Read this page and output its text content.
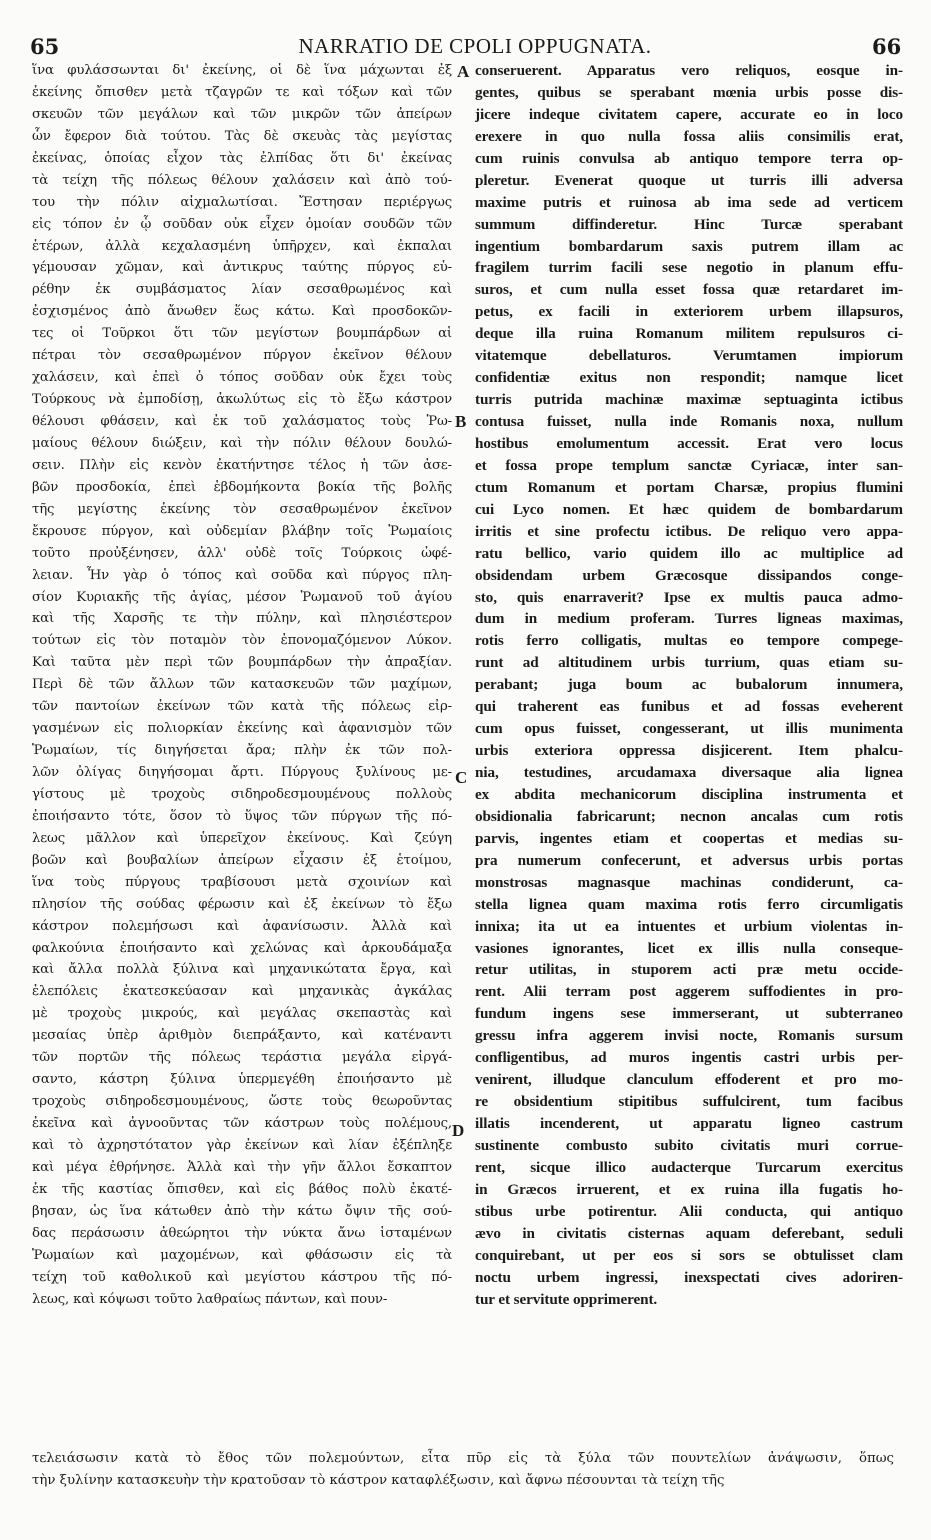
65	NARRATIO DE CPOLI OPPUGNATA.	66
ἵνα φυλάσσωνται δι' ἐκείνης, οἱ δὲ ἵνα μάχωνται ἐξ
ἐκείνης ὄπισθεν μετὰ τζαγρῶν τε καὶ τόξων καὶ τῶν
σκευῶν τῶν μεγάλων καὶ τῶν μικρῶν τῶν ἀπείρων
ὧν ἔφερον διὰ τούτου. Τὰς δὲ σκευὰς τὰς μεγίστας
ἐκείνας, ὁποίας εἶχον τὰς ἐλπίδας ὅτι δι' ἐκείνας
τὰ τείχη τῆς πόλεως θέλουν χαλάσειν καὶ ἀπὸ τού-
του τὴν πόλιν αἰχμαλωτίσαι. Ἔστησαν περιέργως
εἰς τόπον ἐν ᾧ σοῦδαν οὐκ εἶχεν ὁμοίαν σουδῶν τῶν
ἑτέρων, ἀλλὰ κεχαλασμένη ὑπῆρχεν, καὶ ἐκπαλαι
γέμουσαν χῶμαν, καὶ ἀντικρυς ταύτης πύργος εὑ-
ρέθην ἐκ συμβάσματος λίαν σεσαθρωμένος καὶ
ἐσχισμένος ἀπὸ ἄνωθεν ἕως κάτω. Καὶ προσδοκῶν-
τες οἱ Τοῦρκοι ὅτι τῶν μεγίστων βουμπάρδων αἱ
πέτραι τὸν σεσαθρωμένον πύργον ἐκεῖνον θέλουν
χαλάσειν, καὶ ἐπεὶ ὁ τόπος σοῦδαν οὐκ ἔχει τοὺς
Τούρκους νὰ ἐμποδίσῃ, ἀκωλύτως εἰς τὸ ἔξω κάστρον
θέλουσι φθάσειν, καὶ ἐκ τοῦ χαλάσματος τοὺς Ῥω-
μαίους θέλουν διώξειν, καὶ τὴν πόλιν θέλουν δουλώ-
σειν. Πλὴν εἰς κενὸν ἐκατήντησε τέλος ἡ τῶν ἀσε-
βῶν προσδοκία, ἐπεὶ ἑβδομήκοντα βοκία τῆς βολῆς
τῆς μεγίστης ἐκείνης τὸν σεσαθρωμένον ἐκεῖνον
ἔκρουσε πύργον, καὶ οὐδεμίαν βλάβην τοῖς Ῥωμαίοις
τοῦτο προὐξένησεν, ἀλλ' οὐδὲ τοῖς Τούρκοις ὠφέ-
λειαν. Ἦν γὰρ ὁ τόπος καὶ σοῦδα καὶ πύργος πλη-
σίον Κυριακῆς τῆς ἁγίας, μέσον Ῥωμανοῦ τοῦ ἁγίου
καὶ τῆς Χαρσῆς τε τὴν πύλην, καὶ πλησιέστερον
τούτων εἰς τὸν ποταμὸν τὸν ἐπονομαζόμενον Λύκον.
Καὶ ταῦτα μὲν περὶ τῶν βουμπάρδων τὴν ἀπραξίαν.
Περὶ δὲ τῶν ἄλλων τῶν κατασκευῶν τῶν μαχίμων,
τῶν παντοίων ἐκείνων τῶν κατὰ τῆς πόλεως εἰρ-
γασμένων εἰς πολιορκίαν ἐκείνης καὶ ἀφανισμὸν τῶν
Ῥωμαίων, τίς διηγήσεται ἄρα; πλὴν ἐκ τῶν πολ-
λῶν ὀλίγας διηγήσομαι ἄρτι. Πύργους ξυλίνους με-
γίστους μὲ τροχοὺς σιδηροδεσμουμένους πολλοὺς
ἐποιήσαντο τότε, ὅσον τὸ ὕψος τῶν πύργων τῆς πό-
λεως μᾶλλον καὶ ὑπερεῖχον ἐκείνους. Καὶ ζεύγη
βοῶν καὶ βουβαλίων ἀπείρων εἶχασιν ἐξ ἑτοίμου,
ἵνα τοὺς πύργους τραβίσουσι μετὰ σχοινίων καὶ
πλησίον τῆς σούδας φέρωσιν καὶ ἐξ ἐκείνων τὸ ἔξω
κάστρον πολεμήσωσι καὶ ἀφανίσωσιν. Ἀλλὰ καὶ
φαλκούνια ἐποιήσαντο καὶ χελώνας καὶ ἀρκουδάμαξα
καὶ ἄλλα πολλὰ ξύλινα καὶ μηχανικώτατα ἔργα, καὶ
ἑλεπόλεις ἐκατεσκεύασαν καὶ μηχανικὰς ἀγκάλας
μὲ τροχοὺς μικρούς, καὶ μεγάλας σκεπαστὰς καὶ
μεσαίας ὑπὲρ ἀριθμὸν διεπράξαντο, καὶ κατέναντι
τῶν πορτῶν τῆς πόλεως τεράστια μεγάλα εἰργά-
σαντο, κάστρη ξύλινα ὑπερμεγέθη ἐποιήσαντο μὲ
τροχοὺς σιδηροδεσμουμένους, ὥστε τοὺς θεωροῦντας
ἐκεῖνα καὶ ἀγνοοῦντας τῶν κάστρων τοὺς πολέμους,
καὶ τὸ ἀχρηστότατον γὰρ ἐκείνων καὶ λίαν ἐξέπληξε
καὶ μέγα ἐθρήνησε. Ἀλλὰ καὶ τὴν γῆν ἄλλοι ἔσκαπτον
ἐκ τῆς καστίας ὄπισθεν, καὶ εἰς βάθος πολὺ ἐκατέ-
βησαν, ὡς ἵνα κάτωθεν ἀπὸ τὴν κάτω ὄψιν τῆς σού-
δας περάσωσιν ἀθεώρητοι τὴν νύκτα ἄνω ἱσταμένων
Ῥωμαίων καὶ μαχομένων, καὶ φθάσωσιν εἰς τὰ
τείχη τοῦ καθολικοῦ καὶ μεγίστου κάστρου τῆς πό-
λεως, καὶ κόψωσι τοῦτο λαθραίως πάντων, καὶ πουν-
conseruerent. Apparatus vero reliquos, eosque in-
gentes, quibus se sperabant mœnia urbis posse dis-
jicere indeque civitatem capere, accurate eo in loco
erexere in quo nulla fossa aliis consimilis erat,
cum ruinis convulsa ab antiquo tempore terra op-
pleretur. Evenerat quoque ut turris illi adversa
maxime putris et ruinosa ab ima sede ad verticem
summum diffinderetur. Hinc Turcæ sperabant
ingentium bombardarum saxis putrem illam ac
fragilem turrim facili sese negotio in planum effu-
suros, et cum nulla esset fossa quæ retardaret im-
petus, ex facili in exteriorem urbem illapsuros,
deque illa ruina Romanum militem repulsuros ci-
vitatemque debellaturos. Verumtamen impiorum
confidentiæ exitus non respondit; namque licet
turris putrida machinæ maximæ septuaginta ictibus
contusa fuisset, nulla inde Romanis noxa, nullum
hostibus emolumentum accessit. Erat vero locus
et fossa prope templum sanctæ Cyriacæ, inter san-
ctum Romanum et portam Charsæ, propius flumini
cui Lyco nomen. Et hæc quidem de bombardarum
irritis et sine profectu ictibus. De reliquo vero appa-
ratu bellico, vario quidem illo ac multiplice ad
obsidendam urbem Græcosque dissipandos conge-
sto, quis enarraverit? Ipse ex multis pauca admo-
dum in medium proferam. Turres ligneas maximas,
rotis ferro colligatis, multas eo tempore compege-
runt ad altitudinem urbis turrium, quas etiam su-
perabant; juga boum ac bubalorum innumera,
qui traherent eas funibus et ad fossas eveherent
cum opus fuisset, congesserant, ut illis munimenta
urbis exteriora oppressa disjicerent. Item phalcu-
nia, testudines, arcudamaxa diversaque alia lignea
ex abdita mechanicorum disciplina instrumenta et
obsidionalia fabricarunt; necnon ancalas cum rotis
parvis, ingentes etiam et coopertas et medias su-
pra numerum confecerunt, et adversus urbis portas
monstrosas magnasque machinas condiderunt, ca-
stella lignea quam maxima rotis ferro circumligatis
innixa; ita ut ea intuentes et urbium violentas in-
vasiones ignorantes, licet ex illis nulla conseque-
retur utilitas, in stuporem acti præ metu occide-
rent. Alii terram post aggerem suffodientes in pro-
fundum ingens sese immerserant, ut subterraneo
gressu infra aggerem invisi nocte, Romanis sursum
confligentibus, ad muros ingentis castri urbis per-
venirent, illudque clanculum effoderent et pro mo-
re obsidentium stipitibus suffulcirent, tum facibus
illatis incenderent, ut apparatu ligneo castrum
sustinente combusto subito civitatis muri corrue-
rent, sicque illico audacterque Turcarum exercitus
in Græcos irruerent, et ex ruina illa fugatis ho-
stibus urbe potirentur. Alii conducta, qui antiquo
ævo in civitatis cisternas aquam deferebant, seduli
conquirebant, ut per eos si sors se obtulisset clam
noctu urbem ingressi, inexspectati cives adoriren-
tur et servitute opprimerent.
A
B
C
D
τελειάσωσιν κατὰ τὸ ἔθος τῶν πολεμούντων, εἶτα πῦρ εἰς τὰ ξύλα τῶν πουντελίων ἀνάψωσιν, ὅπως
τὴν ξυλίνην κατασκευὴν τὴν κρατοῦσαν τὸ κάστρον καταφλέξωσιν, καὶ ἄφνω πέσουνται τὰ τείχη τῆς
